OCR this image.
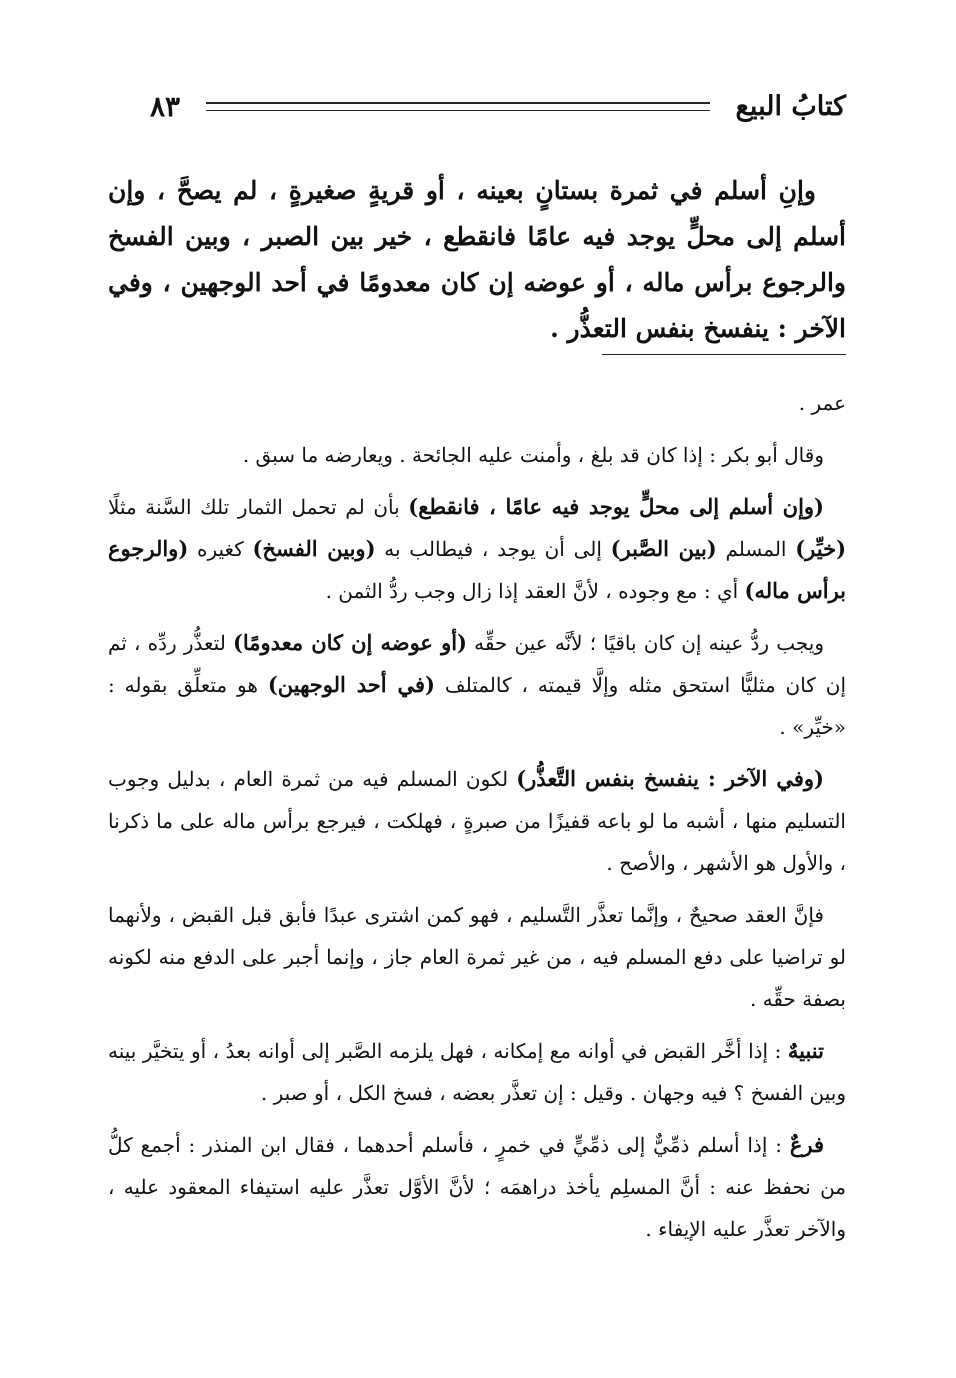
كتابُ البيع
٨٣
وإنِ أسلم في ثمرة بستانٍ بعينه ، أو قريةٍ صغيرةٍ ، لم يصحَّ ، وإن أسلم إلى محلٍّ يوجد فيه عامًا فانقطع ، خير بين الصبر ، وبين الفسخ والرجوع برأس ماله ، أو عوضه إن كان معدومًا في أحد الوجهين ، وفي الآخر : ينفسخ بنفس التعذُّر .

عمر .

وقال أبو بكر : إذا كان قد بلغ ، وأمنت عليه الجائحة . ويعارضه ما سبق .

(وإن أسلم إلى محلٍّ يوجد فيه عامًا ، فانقطع) بأن لم تحمل الثمار تلك السَّنة مثلًا (خيِّر) المسلم (بين الصَّبر) إلى أن يوجد ، فيطالب به (وبين الفسخ) كغيره (والرجوع برأس ماله) أي : مع وجوده ، لأنَّ العقد إذا زال وجب ردُّ الثمن .

ويجب ردُّ عينه إن كان باقيًا ؛ لأنَّه عين حقِّه (أو عوضه إن كان معدومًا) لتعذُّر ردِّه ، ثم إن كان مثليًّا استحق مثله وإلَّا قيمته ، كالمتلف (في أحد الوجهين) هو متعلِّق بقوله : «خيِّر» .

(وفي الآخر : ينفسخ بنفس التَّعذُّر) لكون المسلم فيه من ثمرة العام ، بدليل وجوب التسليم منها ، أشبه ما لو باعه قفيزًا من صبرةٍ ، فهلكت ، فيرجع برأس ماله على ما ذكرنا ، والأول هو الأشهر ، والأصح .

فإنَّ العقد صحيحٌ ، وإنَّما تعذَّر التَّسليم ، فهو كمن اشترى عبدًا فأبق قبل القبض ، ولأنهما لو تراضيا على دفع المسلم فيه ، من غير ثمرة العام جاز ، وإنما أجبر على الدفع منه لكونه بصفة حقِّه .

تنبيهٌ : إذا أخَّر القبض في أوانه مع إمكانه ، فهل يلزمه الصَّبر إلى أوانه بعدُ ، أو يتخيَّر بينه وبين الفسخ ؟ فيه وجهان . وقيل : إن تعذَّر بعضه ، فسخ الكل ، أو صبر .

فرعٌ : إذا أسلم ذمِّيٌّ إلى ذمِّيٍّ في خمرٍ ، فأسلم أحدهما ، فقال ابن المنذر : أجمع كلُّ من نحفظ عنه : أنَّ المسلِم يأخذ دراهمَه ؛ لأنَّ الأوَّل تعذَّر عليه استيفاء المعقود عليه ، والآخر تعذَّر عليه الإيفاء .
